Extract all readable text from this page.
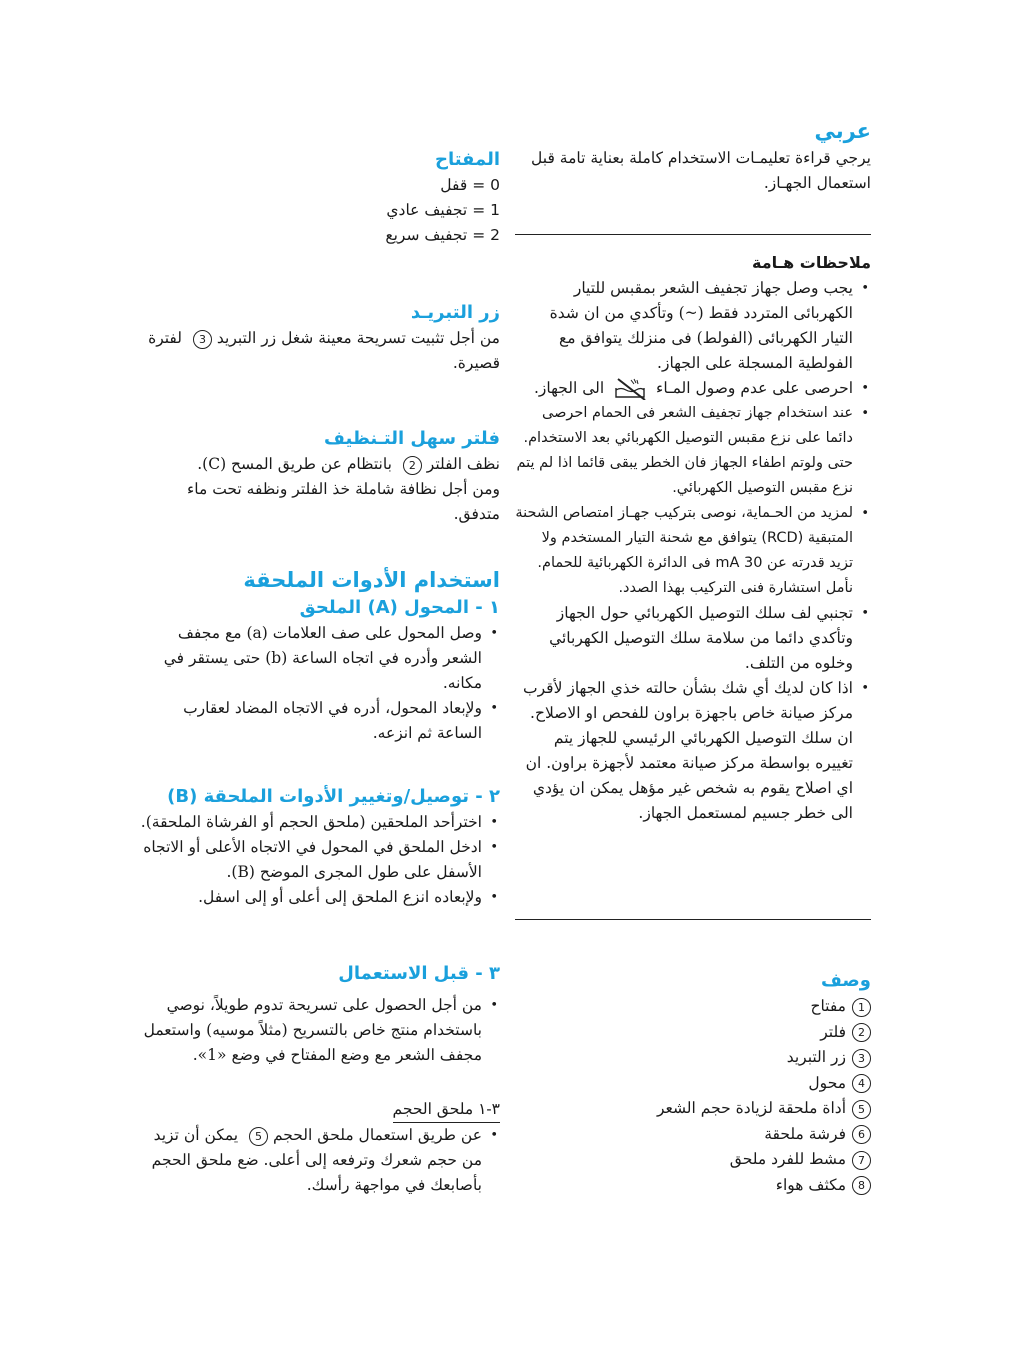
عربي
يرجي قراءة تعليمـات الاستخدام كاملة بعناية تامة قبل استعمال الجهـاز.
ملاحظات هـامة
• يجب وصل جهاز تجفيف الشعر بمقبس للتيار الكهربائى المتردد فقط (~) وتأكدي من ان شدة التيار الكهربائى (الفولط) فى منزلك يتوافق مع الفولطية المسجلة على الجهاز.
• احرصى على عدم وصول المـاء  الى الجهاز.
• عند استخدام جهاز تجفيف الشعر فى الحمام احرصى دائما على نزع مقبس التوصيل الكهربائي بعد الاستخدام. حتى ولوتم اطفاء الجهاز فان الخطر يبقى قائما اذا لم يتم نزع مقبس التوصيل الكهربائي.
• لمزيد من الحـماية، نوصى بتركيب جهـاز امتصاص الشحنة المتبقية (RCD) يتوافق مع شحنة التيار المستخدم ولا تزيد قدرته عن 30 mA فى الدائرة الكهربائية للحمام. نأمل استشارة فنى التركيب بهذا الصدد.
• تجنبي لف سلك التوصيل الكهربائي حول الجهاز وتأكدي دائما من سلامة سلك التوصيل الكهربائي وخلوه من التلف.
• اذا كان لديك أي شك بشأن حالته خذي الجهاز لأقرب مركز صيانة خاص باجهزة براون للفحص او الاصلاح. ان سلك التوصيل الكهربائي الرئيسي للجهاز يتم تغييره بواسطة مركز صيانة معتمد لأجهزة براون. ان اي اصلاح يقوم به شخص غير مؤهل يمكن ان يؤدي الى خطر جسيم لمستعمل الجهاز.
وصف
1مفتاح
2فلتر
3زر التبريد
4محول
5أداة ملحقة لزيادة حجم الشعر
6فرشة ملحقة
7مشط للفرد ملحق
8مكثف هواء
المفتاح
0 = قفل
1 = تجفيف عادي
2 = تجفيف سريع
زر التبريـد
من أجل تثبيت تسريحة معينة شغل زر التبريد 3 لفترة قصيرة.
فلتر سهل التـنظيف
نظف الفلتر 2 بانتظام عن طريق المسح (C).
ومن أجل نظافة شاملة خذ الفلتر ونظفه تحت ماء متدفق.
استخدام الأدوات الملحقة
١ - المحول (A) الملحق
• وصل المحول على صف العلامات (a) مع مجفف الشعر وأدره في اتجاه الساعة (b) حتى يستقر في مكانه.
• ولإبعاد المحول، أدره في الاتجاه المضاد لعقارب الساعة ثم انزعه.
٢ - توصيل/وتغيير الأدوات الملحقة (B)
• اخترأحد الملحقين (ملحق الحجم أو الفرشاة الملحقة).
• ادخل الملحق في المحول في الاتجاه الأعلى أو الاتجاه الأسفل على طول المجرى الموضح (B).
• ولإبعاده انزع الملحق إلى أعلى أو إلى اسفل.
٣ - قبل الاستعمال
• من أجل الحصول على تسريحة تدوم طويلاً، نوصي باستخدام منتج خاص بالتسريح (مثلاً موسيه) واستعمل مجفف الشعر مع وضع المفتاح في وضع «1».
٣-١ ملحق الحجم
• عن طريق استعمال ملحق الحجم 5 يمكن أن تزيد من حجم شعرك وترفعه إلى أعلى. ضع ملحق الحجم بأصابعك في مواجهة رأسك.
